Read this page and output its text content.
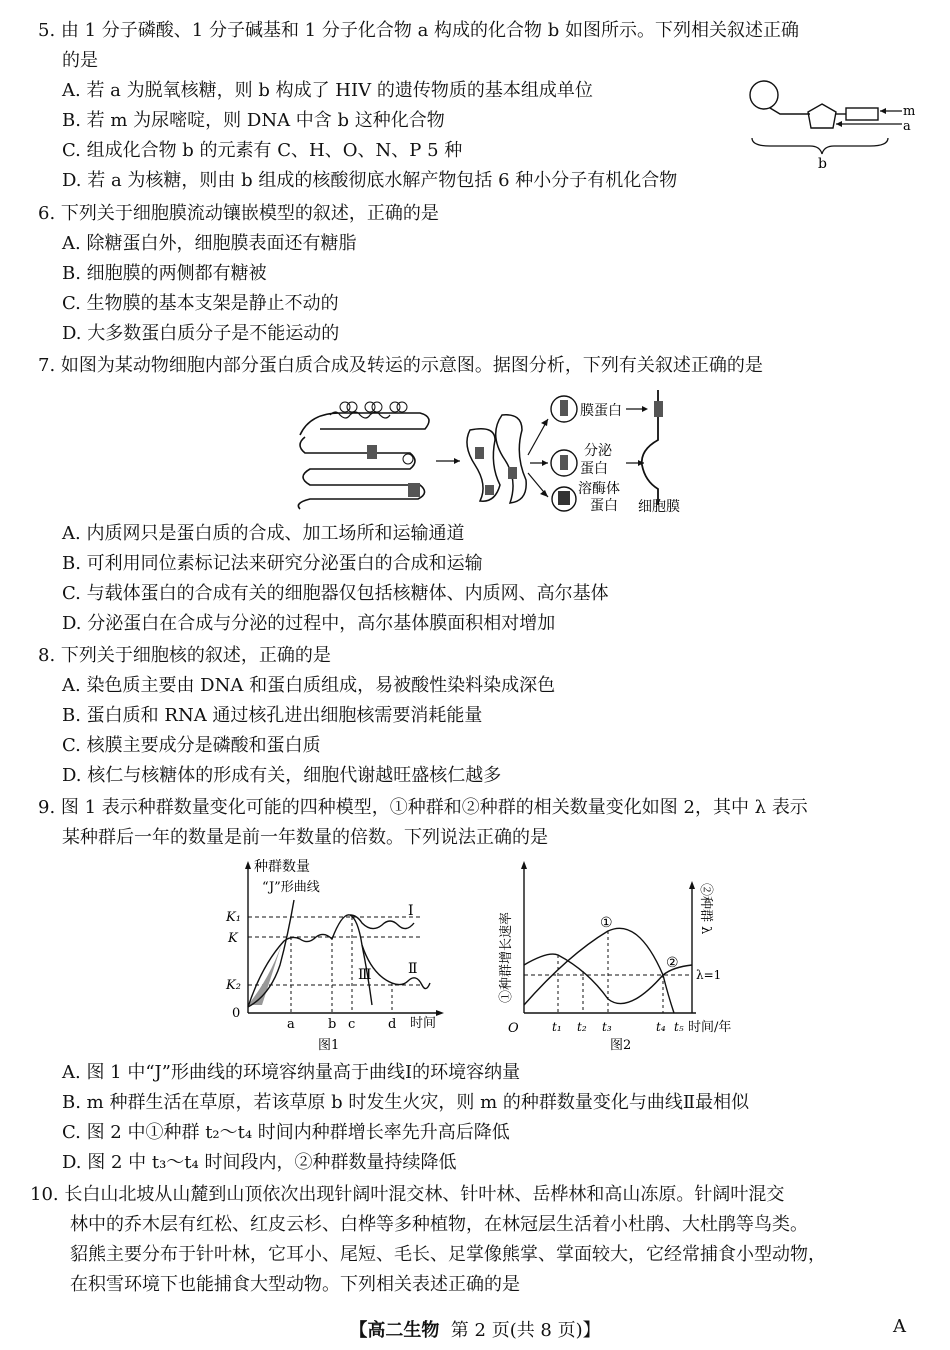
5. 由 1 分子磷酸、1 分子碱基和 1 分子化合物 a 构成的化合物 b 如图所示。下列相关叙述正确

的是

A. 若 a 为脱氧核糖，则 b 构成了 HIV 的遗传物质的基本组成单位

B. 若 m 为尿嘧啶，则 DNA 中含 b 这种化合物

C. 组成化合物 b 的元素有 C、H、O、N、P 5 种

D. 若 a 为核糖，则由 b 组成的核酸彻底水解产物包括 6 种小分子有机化合物

m
a
b

6. 下列关于细胞膜流动镶嵌模型的叙述，正确的是

A. 除糖蛋白外，细胞膜表面还有糖脂

B. 细胞膜的两侧都有糖被

C. 生物膜的基本支架是静止不动的

D. 大多数蛋白质分子是不能运动的

7. 如图为某动物细胞内部分蛋白质合成及转运的示意图。据图分析，下列有关叙述正确的是

膜蛋白
分泌
蛋白
溶酶体
蛋白 细胞膜

A. 内质网只是蛋白质的合成、加工场所和运输通道

B. 可利用同位素标记法来研究分泌蛋白的合成和运输

C. 与载体蛋白的合成有关的细胞器仅包括核糖体、内质网、高尔基体

D. 分泌蛋白在合成与分泌的过程中，高尔基体膜面积相对增加

8. 下列关于细胞核的叙述，正确的是

A. 染色质主要由 DNA 和蛋白质组成，易被酸性染料染成深色

B. 蛋白质和 RNA 通过核孔进出细胞核需要消耗能量

C. 核膜主要成分是磷酸和蛋白质

D. 核仁与核糖体的形成有关，细胞代谢越旺盛核仁越多

9. 图 1 表示种群数量变化可能的四种模型，①种群和②种群的相关数量变化如图 2，其中 λ 表示

某种群后一年的数量是前一年数量的倍数。下列说法正确的是

种群数量
“J”形曲线
K₁
K
K₂
0
a	b c	d 时间
Ⅰ
Ⅱ
Ⅲ
图1
①种群增长速率
②种群 λ
O	t₁ t₂ t₃	t₄ t₅ 时间/年
λ=1
①
②
图2

A. 图 1 中“J”形曲线的环境容纳量高于曲线Ⅰ的环境容纳量

B. m 种群生活在草原，若该草原 b 时发生火灾，则 m 的种群数量变化与曲线Ⅱ最相似

C. 图 2 中①种群 t₂～t₄ 时间内种群增长率先升高后降低

D. 图 2 中 t₃～t₄ 时间段内，②种群数量持续降低

10. 长白山北坡从山麓到山顶依次出现针阔叶混交林、针叶林、岳桦林和高山冻原。针阔叶混交

林中的乔木层有红松、红皮云杉、白桦等多种植物，在林冠层生活着小杜鹃、大杜鹃等鸟类。

貂熊主要分布于针叶林，它耳小、尾短、毛长、足掌像熊掌、掌面较大，它经常捕食小型动物，

在积雪环境下也能捕食大型动物。下列相关表述正确的是

【高二生物 第 2 页(共 8 页)】	A
